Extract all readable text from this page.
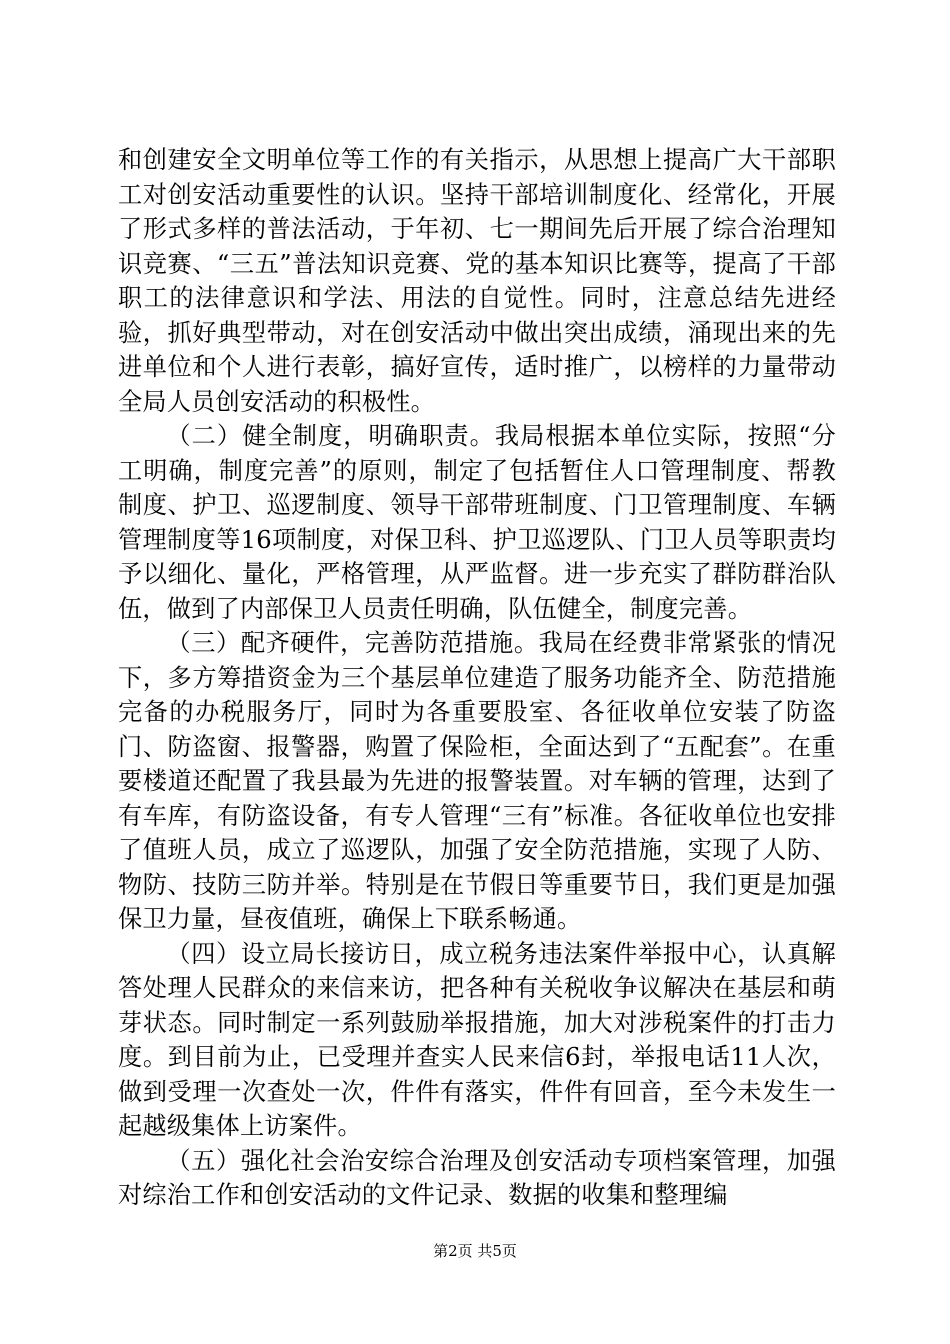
和创建安全文明单位等工作的有关指示，从思想上提高广大干部职工对创安活动重要性的认识。坚持干部培训制度化、经常化，开展了形式多样的普法活动，于年初、七一期间先后开展了综合治理知识竞赛、“三五”普法知识竞赛、党的基本知识比赛等，提高了干部职工的法律意识和学法、用法的自觉性。同时，注意总结先进经验，抓好典型带动，对在创安活动中做出突出成绩，涌现出来的先进单位和个人进行表彰，搞好宣传，适时推广，以榜样的力量带动全局人员创安活动的积极性。

（二）健全制度，明确职责。我局根据本单位实际，按照“分工明确，制度完善”的原则，制定了包括暂住人口管理制度、帮教制度、护卫、巡逻制度、领导干部带班制度、门卫管理制度、车辆管理制度等16项制度，对保卫科、护卫巡逻队、门卫人员等职责均予以细化、量化，严格管理，从严监督。进一步充实了群防群治队伍，做到了内部保卫人员责任明确，队伍健全，制度完善。

（三）配齐硬件，完善防范措施。我局在经费非常紧张的情况下，多方筹措资金为三个基层单位建造了服务功能齐全、防范措施完备的办税服务厅，同时为各重要股室、各征收单位安装了防盗门、防盗窗、报警器，购置了保险柜，全面达到了“五配套”。在重要楼道还配置了我县最为先进的报警装置。对车辆的管理，达到了有车库，有防盗设备，有专人管理“三有”标准。各征收单位也安排了值班人员，成立了巡逻队，加强了安全防范措施，实现了人防、物防、技防三防并举。特别是在节假日等重要节日，我们更是加强保卫力量，昼夜值班，确保上下联系畅通。

（四）设立局长接访日，成立税务违法案件举报中心，认真解答处理人民群众的来信来访，把各种有关税收争议解决在基层和萌芽状态。同时制定一系列鼓励举报措施，加大对涉税案件的打击力度。到目前为止，已受理并查实人民来信6封，举报电话11人次，做到受理一次查处一次，件件有落实，件件有回音，至今未发生一起越级集体上访案件。

（五）强化社会治安综合治理及创安活动专项档案管理，加强对综治工作和创安活动的文件记录、数据的收集和整理编

第2页 共5页
